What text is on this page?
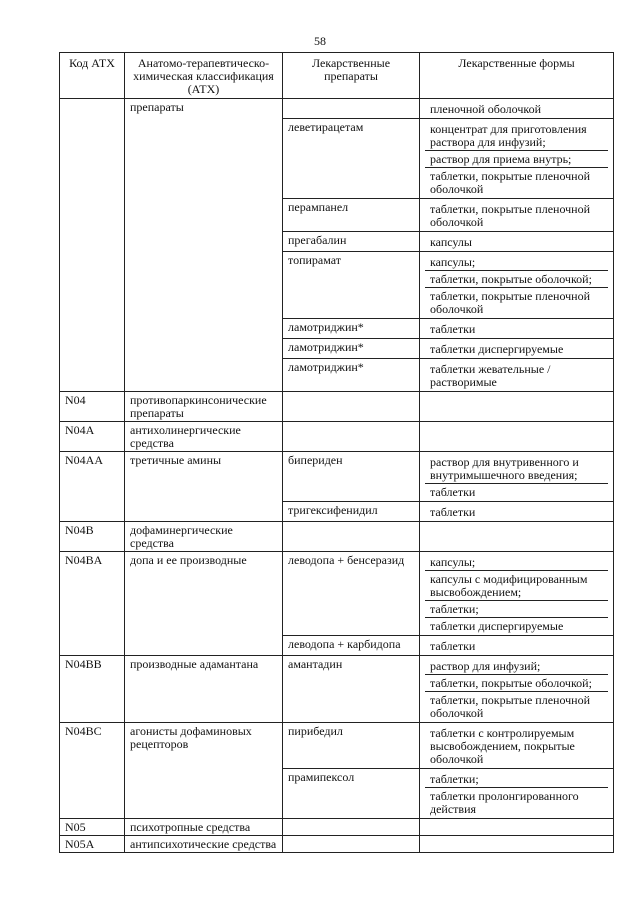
58
Код АТХ	Анатомо-терапевтическо-химическая классификация (АТХ)	Лекарственные препараты	Лекарственные формы
	препараты		пленочной оболочкой

		леветирацетам	концентрат для приготовления раствора для инфузий;
раствор для приема внутрь;
таблетки, покрытые пленочной оболочкой

		перампанел	таблетки, покрытые пленочной оболочкой

		прегабалин	капсулы

		топирамат	капсулы;
таблетки, покрытые оболочкой;
таблетки, покрытые пленочной оболочкой

		ламотриджин*	таблетки

		ламотриджин*	таблетки диспергируемые

		ламотриджин*	таблетки жевательные /растворимые

N04	противопаркинсонические препараты		

N04A	антихолинергические средства		

N04AA	третичные амины	бипериден	раствор для внутривенного и внутримышечного введения;
таблетки

		тригексифенидил	таблетки

N04B	дофаминергические средства		

N04BA	допа и ее производные	леводопа + бенсеразид	капсулы;
капсулы с модифицированным высвобождением;
таблетки;
таблетки диспергируемые

		леводопа + карбидопа	таблетки

N04BB	производные адамантана	амантадин	раствор для инфузий;
таблетки, покрытые оболочкой;
таблетки, покрытые пленочной оболочкой

N04BC	агонисты дофаминовых рецепторов	пирибедил	таблетки с контролируемым высвобождением, покрытые оболочкой

		прамипексол	таблетки;
таблетки пролонгированного действия

N05	психотропные средства		

N05A	антипсихотические средства		
